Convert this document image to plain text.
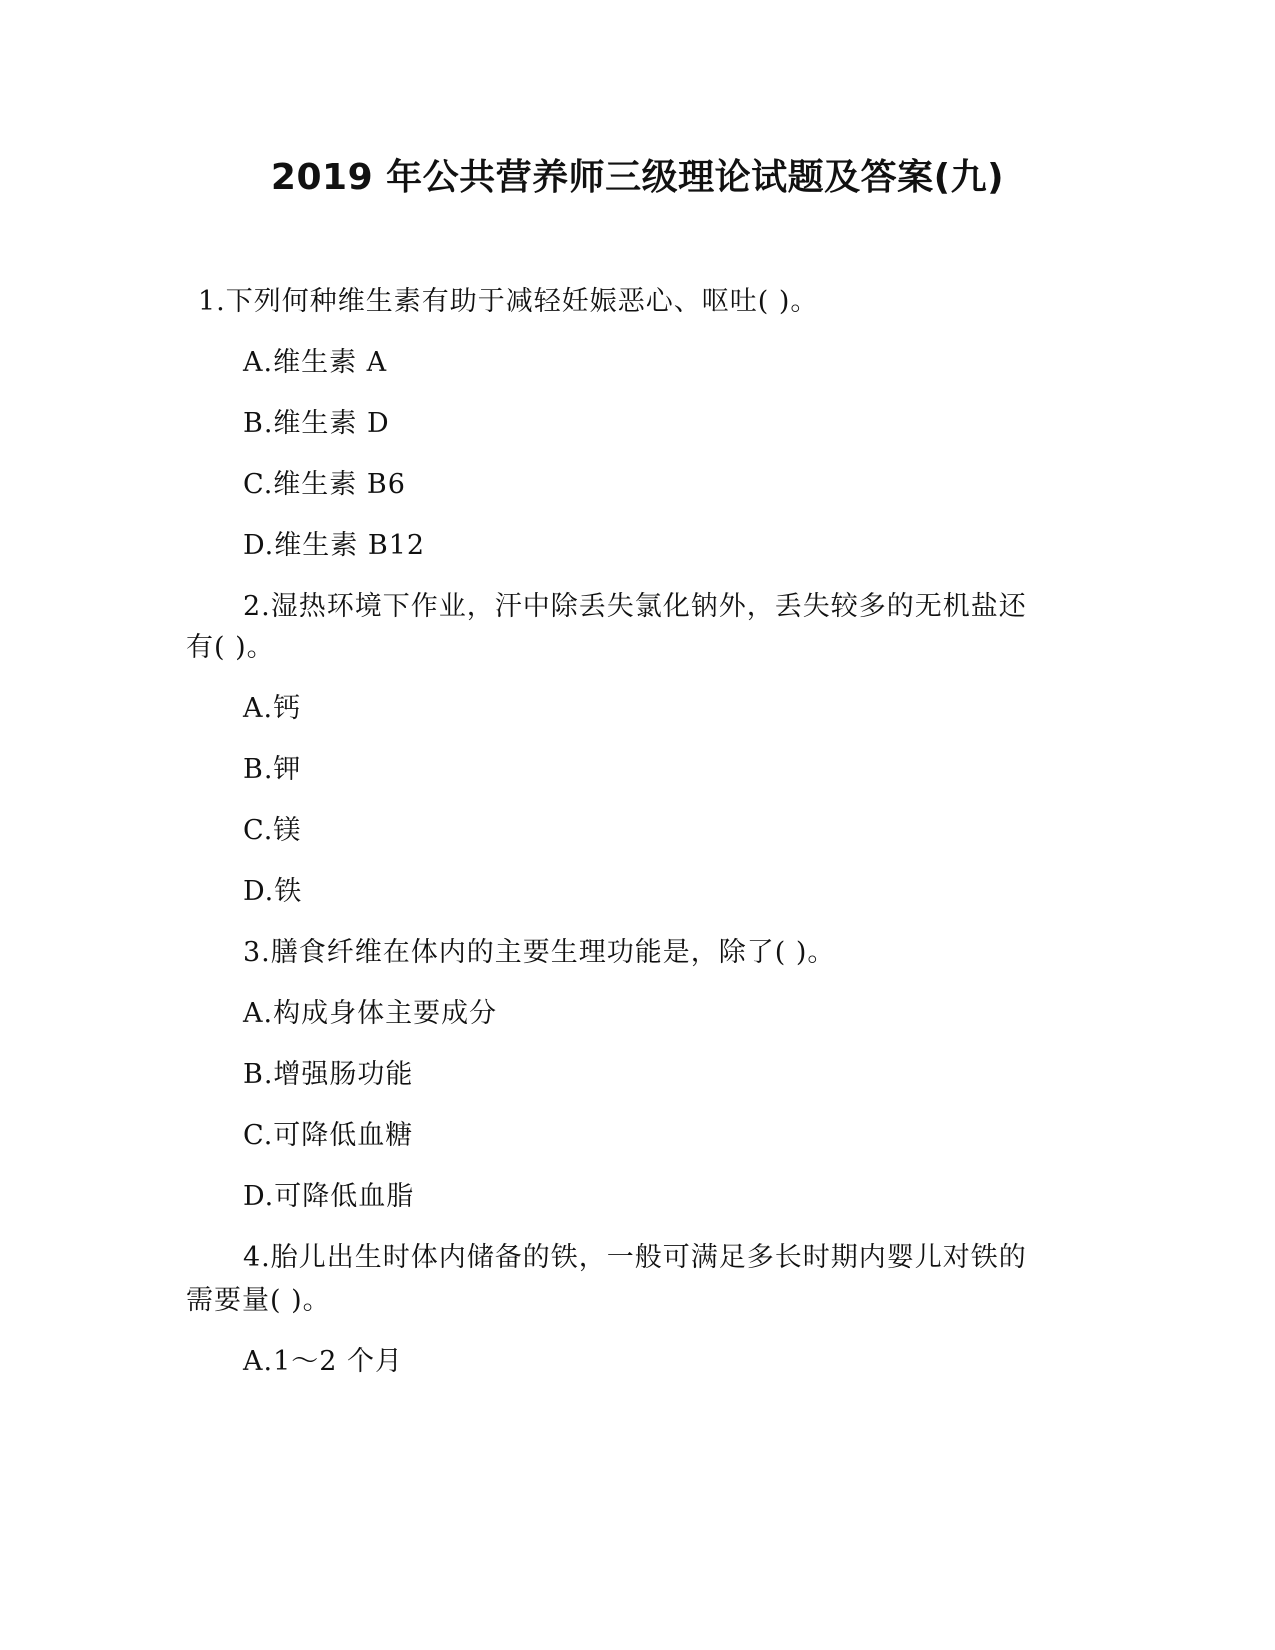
2019 年公共营养师三级理论试题及答案(九)
1.下列何种维生素有助于减轻妊娠恶心、呕吐( )。
A.维生素 A
B.维生素 D
C.维生素 B6
D.维生素 B12
2.湿热环境下作业，汗中除丢失氯化钠外，丢失较多的无机盐还
有( )。
A.钙
B.钾
C.镁
D.铁
3.膳食纤维在体内的主要生理功能是，除了( )。
A.构成身体主要成分
B.增强肠功能
C.可降低血糖
D.可降低血脂
4.胎儿出生时体内储备的铁，一般可满足多长时期内婴儿对铁的
需要量( )。
A.1～2 个月
